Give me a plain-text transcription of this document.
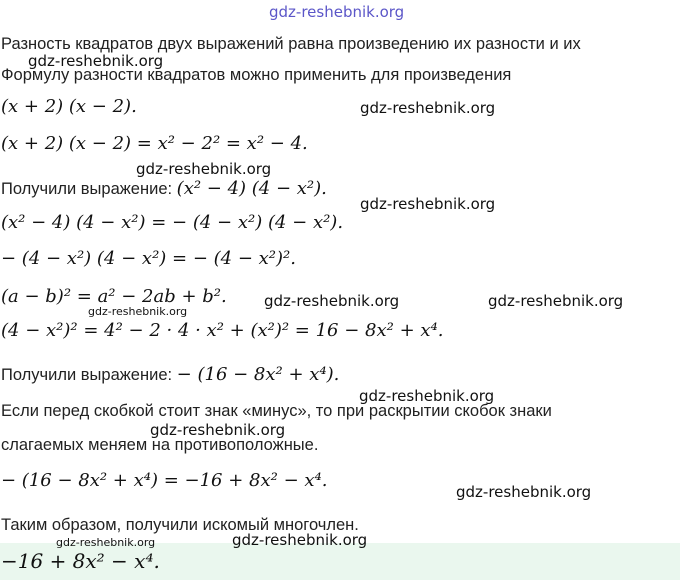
gdz-reshebnik.org
Разность квадратов двух выражений равна произведению их разности и их
Формулу разности квадратов можно применить для произведения
(x + 2) (x − 2).
(x + 2) (x − 2) = x² − 2² = x² − 4.
Получили выражение: (x² − 4) (4 − x²).
(x² − 4) (4 − x²) = − (4 − x²) (4 − x²).
− (4 − x²) (4 − x²) = − (4 − x²)².
(a − b)² = a² − 2ab + b².
(4 − x²)² = 4² − 2 · 4 · x² + (x²)² = 16 − 8x² + x⁴.
Получили выражение: − (16 − 8x² + x⁴).
Если перед скобкой стоит знак «минус», то при раскрытии скобок знаки
слагаемых меняем на противоположные.
− (16 − 8x² + x⁴) = −16 + 8x² − x⁴.
Таким образом, получили искомый многочлен.
−16 + 8x² − x⁴.
gdz-reshebnik.org
gdz-reshebnik.org
gdz-reshebnik.org
gdz-reshebnik.org
gdz-reshebnik.org	gdz-reshebnik.org
gdz-reshebnik.org
gdz-reshebnik.org
gdz-reshebnik.org
gdz-reshebnik.org
gdz-reshebnik.org	gdz-reshebnik.org
